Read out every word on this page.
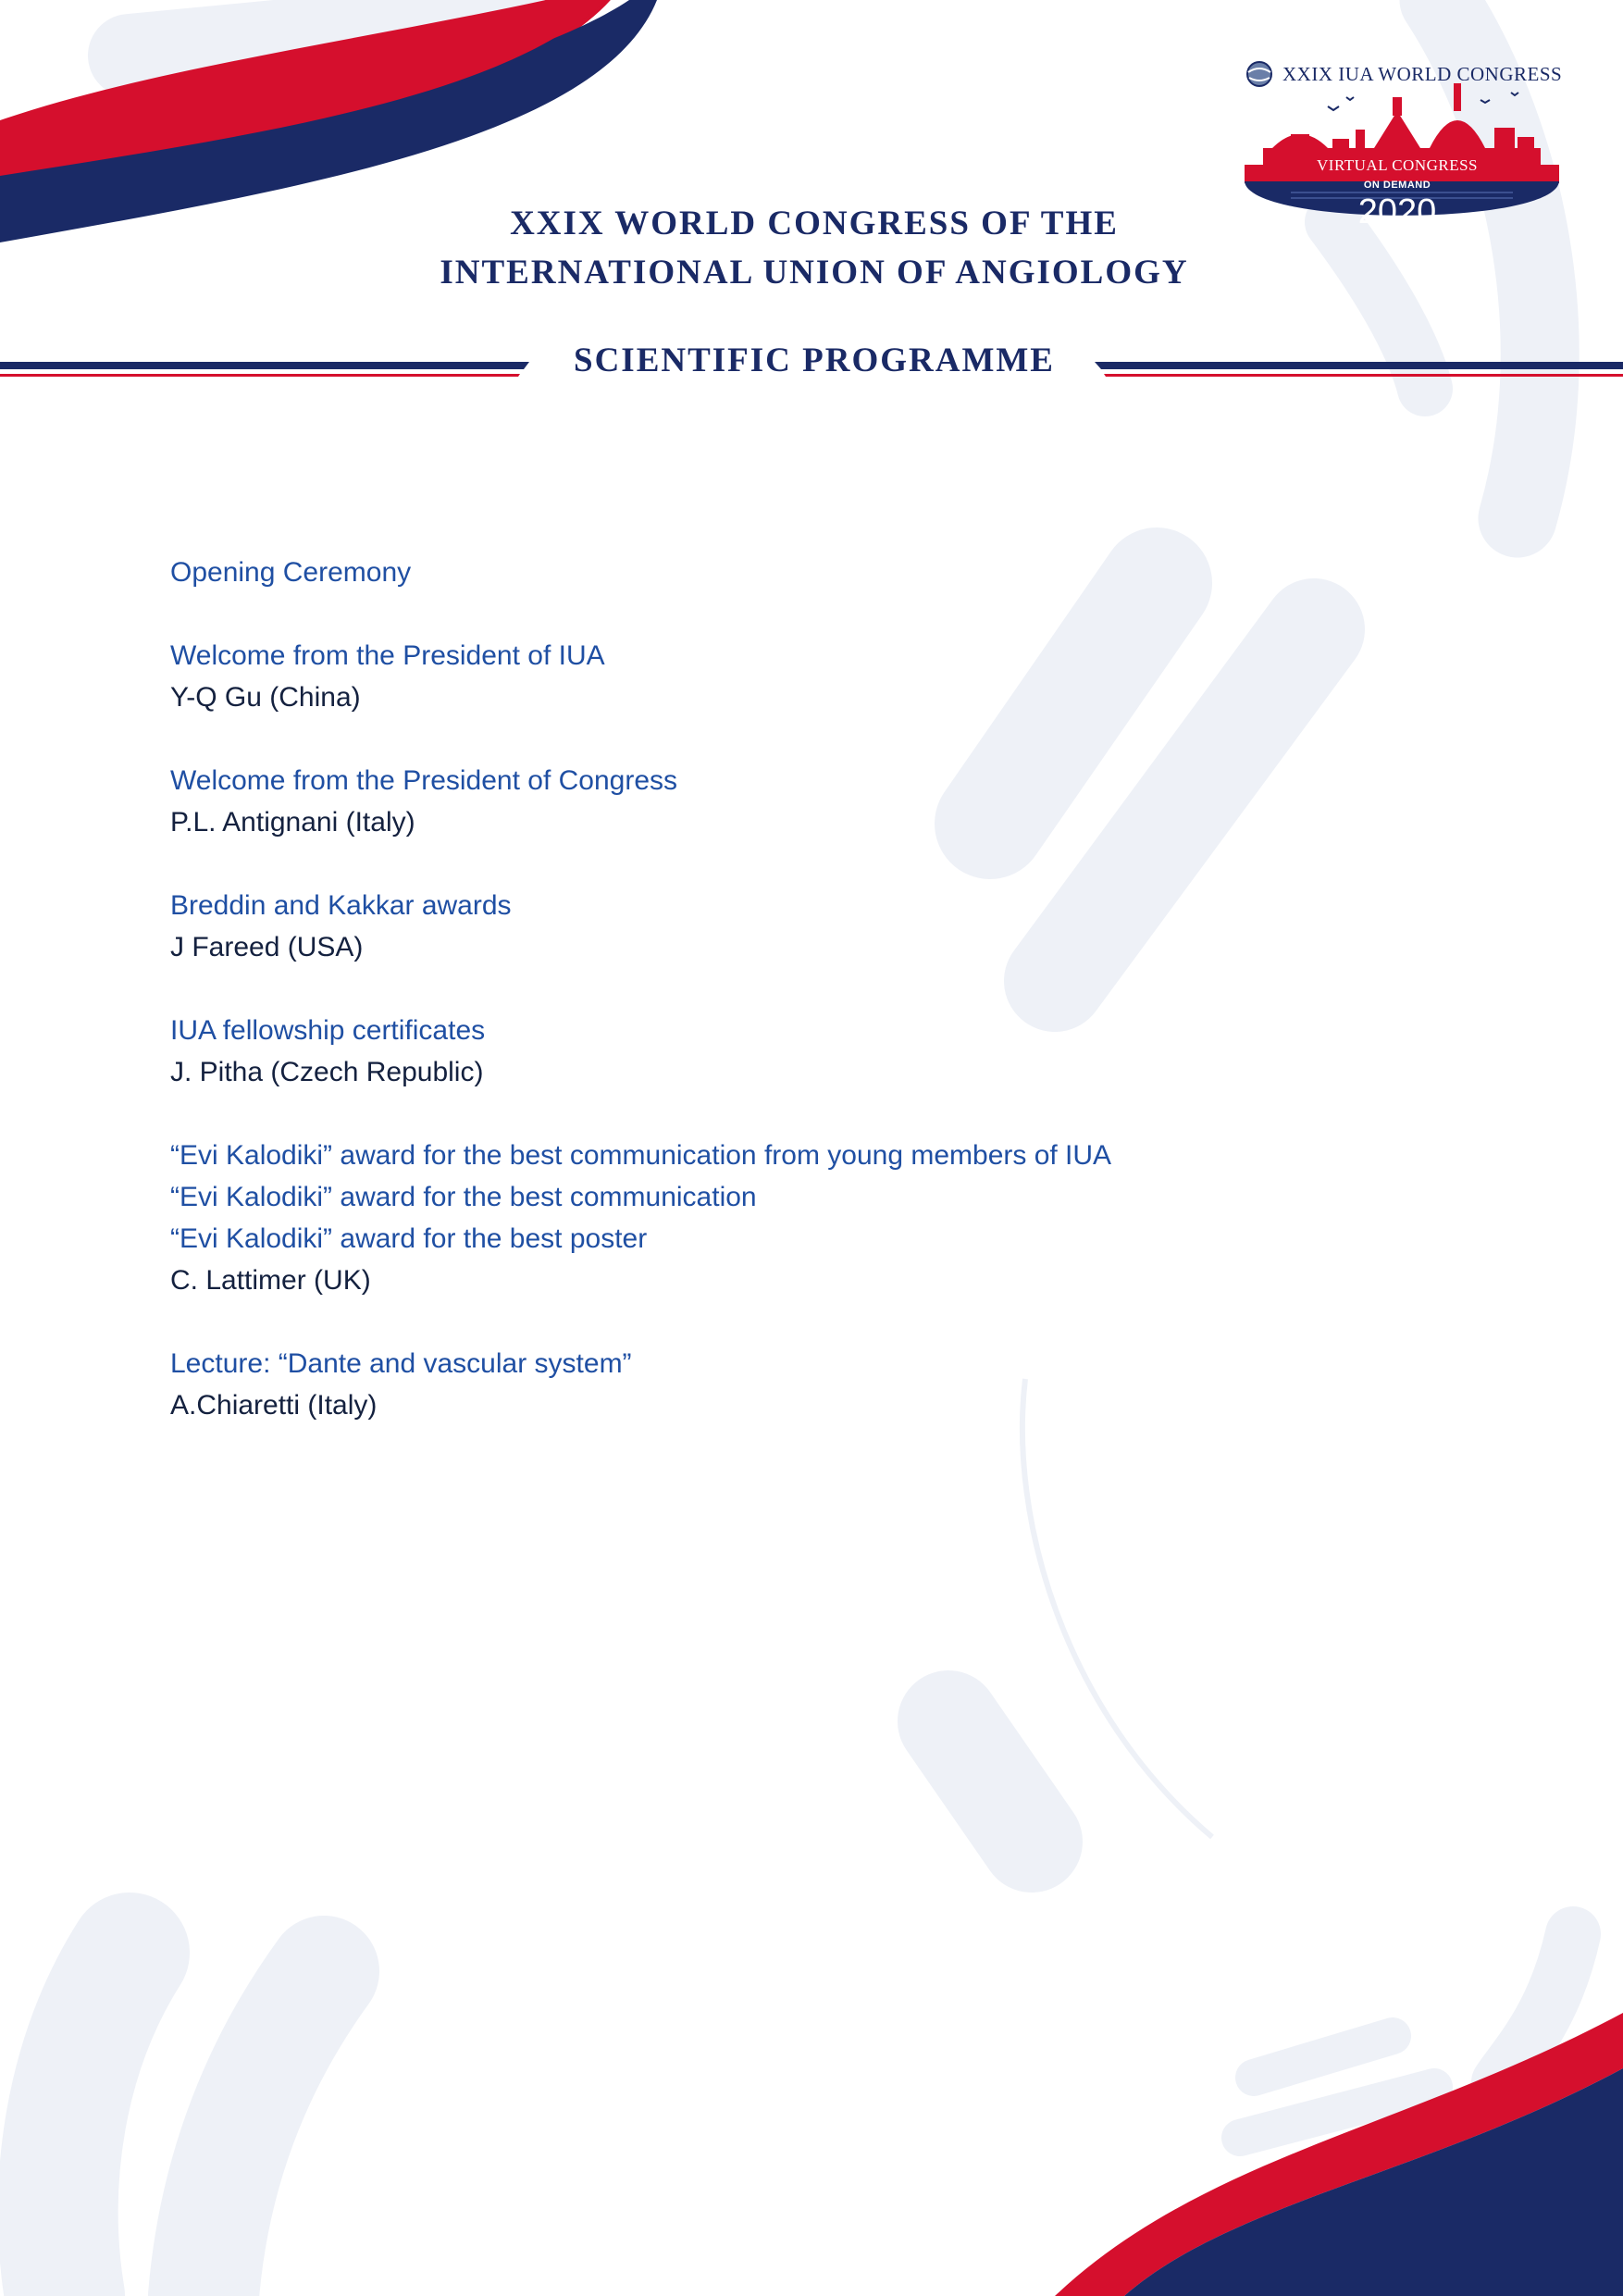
XXIX IUA WORLD CONGRESS
VIRTUAL CONGRESS
ON DEMAND
2020
XXIX WORLD CONGRESS OF THE
INTERNATIONAL UNION OF ANGIOLOGY
SCIENTIFIC PROGRAMME
Opening Ceremony
Welcome from the President of IUA
Y-Q Gu (China)
Welcome from the President of Congress
P.L. Antignani (Italy)
Breddin and Kakkar awards
J Fareed (USA)
IUA fellowship certificates
J. Pitha (Czech Republic)
“Evi Kalodiki” award for the best communication from young members of IUA
“Evi Kalodiki” award for the best communication
“Evi Kalodiki” award for the best poster
C. Lattimer (UK)
Lecture: “Dante and vascular system”
A.Chiaretti (Italy)
